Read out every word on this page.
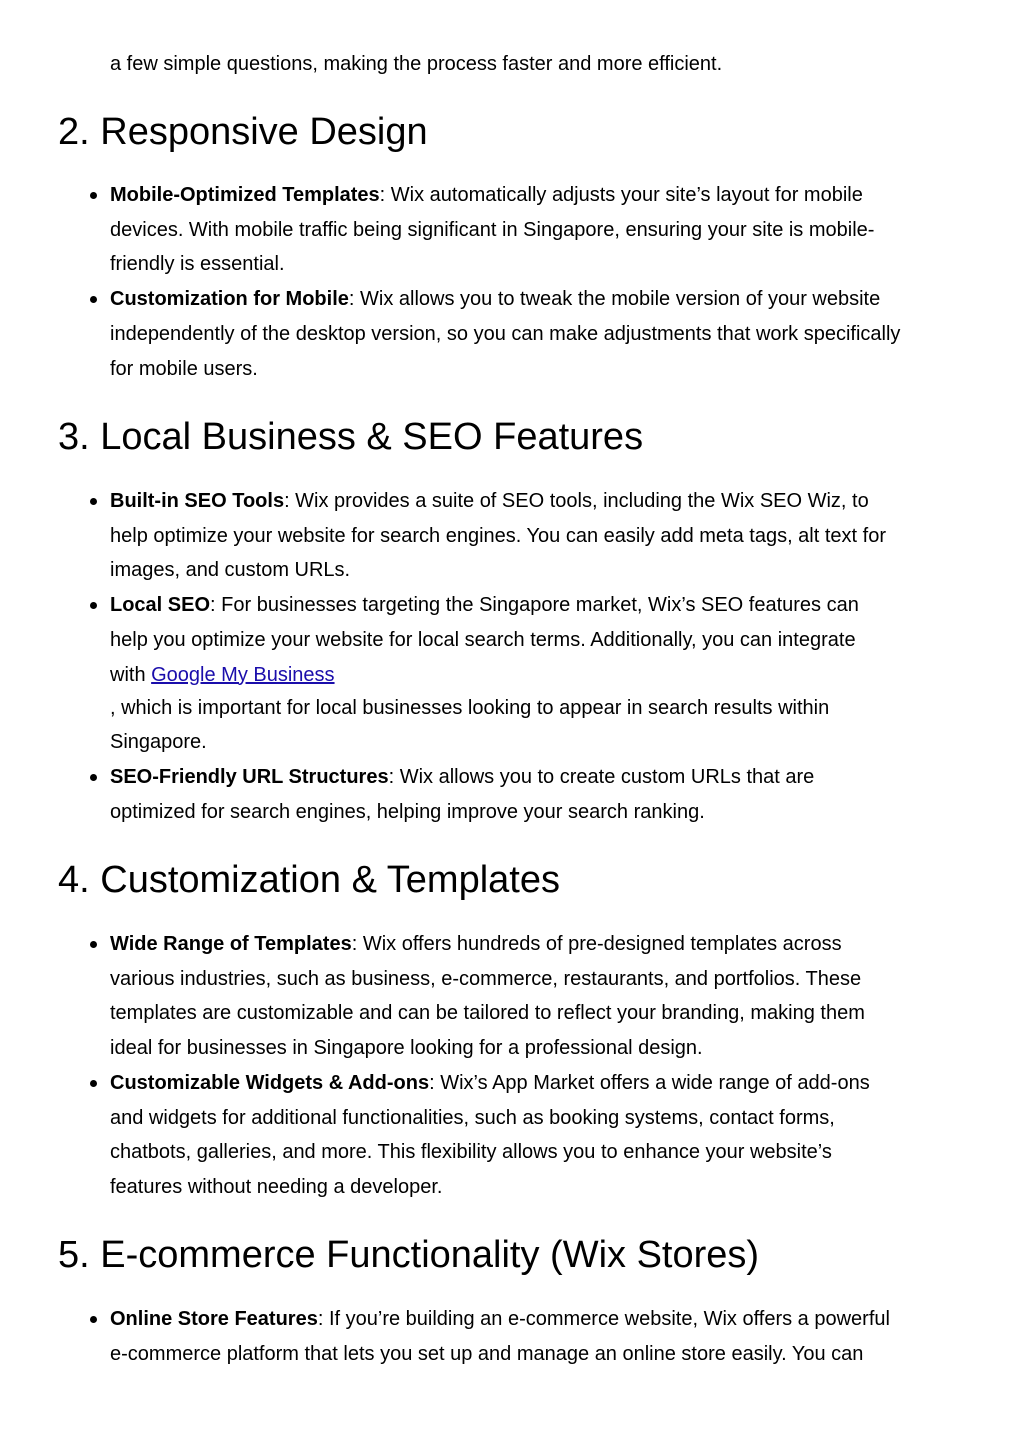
a few simple questions, making the process faster and more efficient.

2. Responsive Design
Mobile-Optimized Templates: Wix automatically adjusts your site’s layout for mobile
devices. With mobile traffic being significant in Singapore, ensuring your site is mobile-
friendly is essential.
Customization for Mobile: Wix allows you to tweak the mobile version of your website
independently of the desktop version, so you can make adjustments that work specifically
for mobile users.
3. Local Business & SEO Features
Built-in SEO Tools: Wix provides a suite of SEO tools, including the Wix SEO Wiz, to
help optimize your website for search engines. You can easily add meta tags, alt text for
images, and custom URLs.
Local SEO: For businesses targeting the Singapore market, Wix’s SEO features can
help you optimize your website for local search terms. Additionally, you can integrate
with Google My Business
, which is important for local businesses looking to appear in search results within
Singapore.
SEO-Friendly URL Structures: Wix allows you to create custom URLs that are
optimized for search engines, helping improve your search ranking.
4. Customization & Templates
Wide Range of Templates: Wix offers hundreds of pre-designed templates across
various industries, such as business, e-commerce, restaurants, and portfolios. These
templates are customizable and can be tailored to reflect your branding, making them
ideal for businesses in Singapore looking for a professional design.
Customizable Widgets & Add-ons: Wix’s App Market offers a wide range of add-ons
and widgets for additional functionalities, such as booking systems, contact forms,
chatbots, galleries, and more. This flexibility allows you to enhance your website’s
features without needing a developer.
5. E-commerce Functionality (Wix Stores)
Online Store Features: If you’re building an e-commerce website, Wix offers a powerful
e-commerce platform that lets you set up and manage an online store easily. You can
